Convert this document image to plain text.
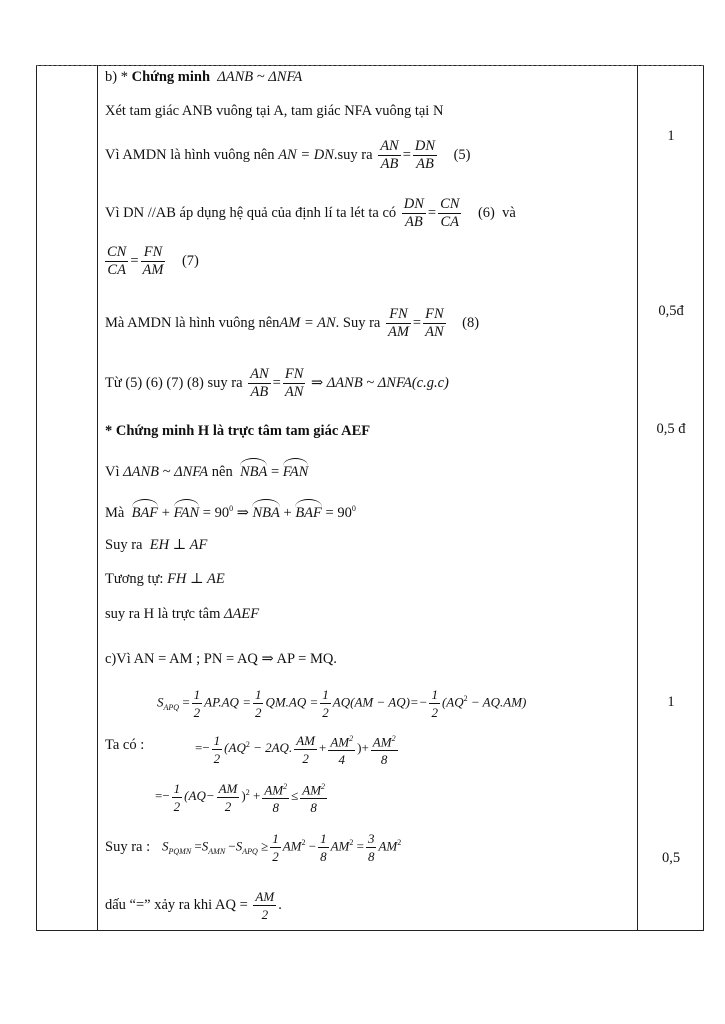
1
0,5đ
0,5 đ
1
0,5
b) * Chứng minh ΔANB ~ ΔNFA
Xét tam giác ANB vuông tại A, tam giác NFA vuông tại N
Vì AMDN là hình vuông nên AN = DN.suy ra $\frac{AN}{AB} = \frac{DN}{AB} (5)$
Vì DN //AB áp dụng hệ quả của định lí ta lét ta có $\frac{DN}{AB} = \frac{CN}{CA} (6)$ và
$\frac{CN}{CA} = \frac{FN}{AM} (7)$
Mà AMDN là hình vuông nênAM = AN. Suy ra $\frac{FN}{AM} = \frac{FN}{AN} (8)$
Từ (5) (6) (7) (8) suy ra $\frac{AN}{AB} = \frac{FN}{AN}$ ⇒ ΔANB ~ ΔNFA(c.g.c)
* Chứng minh H là trực tâm tam giác AEF
Vì ΔANB ~ ΔNFA nên NBA = FAN
Mà BAF + FAN = $90^0$ ⇒ NBA + BAF = $90^0$
Suy ra EH ⊥ AF
Tương tự: FH ⊥ AE
suy ra H là trực tâm ΔAEF
c)Vì AN = AM ; PN = AQ ⇒ AP = MQ.
$S_{APQ} = \frac{1}{2} AP.AQ = \frac{1}{2} QM.AQ = \frac{1}{2} AQ(AM - AQ)=- \frac{1}{2} (AQ^2 - AQ.AM)$
Ta có :	=− $\frac{1}{2} (AQ^2 - 2AQ$. $\frac{AM}{2} + \frac{AM^2}{4}$ )+ $\frac{AM^2}{8}$
=− $\frac{1}{2} (AQ- \frac{AM}{2} )^2 + \frac{AM^2}{8} \le \frac{AM^2}{8}$
Suy ra : $S_{PQMN} =S_{AMN} -S_{APQ} \ge \frac{1}{2} AM^2 - \frac{1}{8} AM^2 = \frac{3}{8} AM^2$
dấu “=” xảy ra khi AQ = $\frac{AM}{2}$ .
